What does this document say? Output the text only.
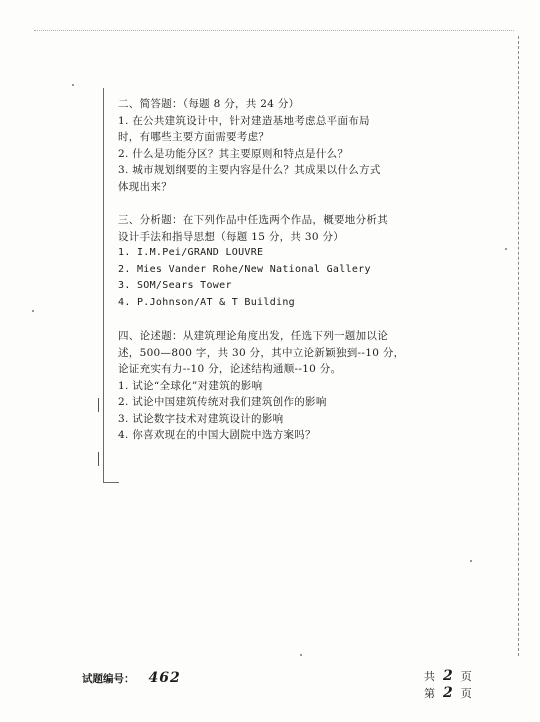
二、简答题：（每题 8 分，共 24 分）
1. 在公共建筑设计中，针对建造基地考虑总平面布局
时，有哪些主要方面需要考虑？
2. 什么是功能分区？其主要原则和特点是什么？
3. 城市规划纲要的主要内容是什么？其成果以什么方式
体现出来？
三、分析题：在下列作品中任选两个作品，概要地分析其
设计手法和指导思想（每题 15 分，共 30 分）
1. I.M.Pei/GRAND LOUVRE
2. Mies Vander Rohe/New National Gallery
3. SOM/Sears Tower
4. P.Johnson/AT & T Building
四、论述题：从建筑理论角度出发，任选下列一题加以论
述，500—800 字，共 30 分，其中立论新颖独到--10 分，
论证充实有力--10 分，论述结构通顺--10 分。
1. 试论“全球化”对建筑的影响
2. 试论中国建筑传统对我们建筑创作的影响
3. 试论数字技术对建筑设计的影响
4. 你喜欢现在的中国大剧院中选方案吗？
试题编号： 462	共 2 页
第 2 页
